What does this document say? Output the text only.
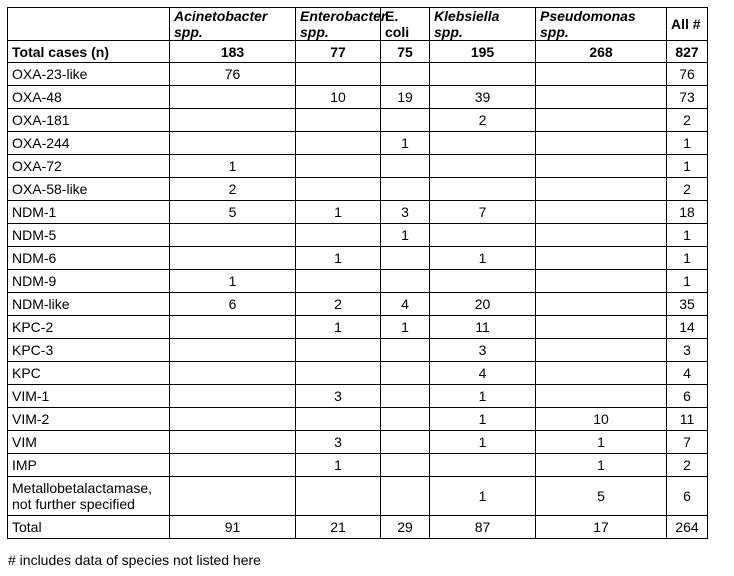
	Acinetobacter spp.	Enterobacter spp.	E. coli	Klebsiella spp.	Pseudomonas spp.	All #
Total cases (n)	183	77	75	195	268	827
OXA-23-like	76					76
OXA-48		10	19	39		73
OXA-181				2		2
OXA-244			1			1
OXA-72	1					1
OXA-58-like	2					2
NDM-1	5	1	3	7		18
NDM-5			1			1
NDM-6		1		1		1
NDM-9	1					1
NDM-like	6	2	4	20		35
KPC-2		1	1	11		14
KPC-3				3		3
KPC				4		4
VIM-1		3		1		6
VIM-2				1	10	11
VIM		3		1	1	7
IMP		1			1	2
Metallobetalactamase, not further specified				1	5	6
Total	91	21	29	87	17	264
# includes data of species not listed here
